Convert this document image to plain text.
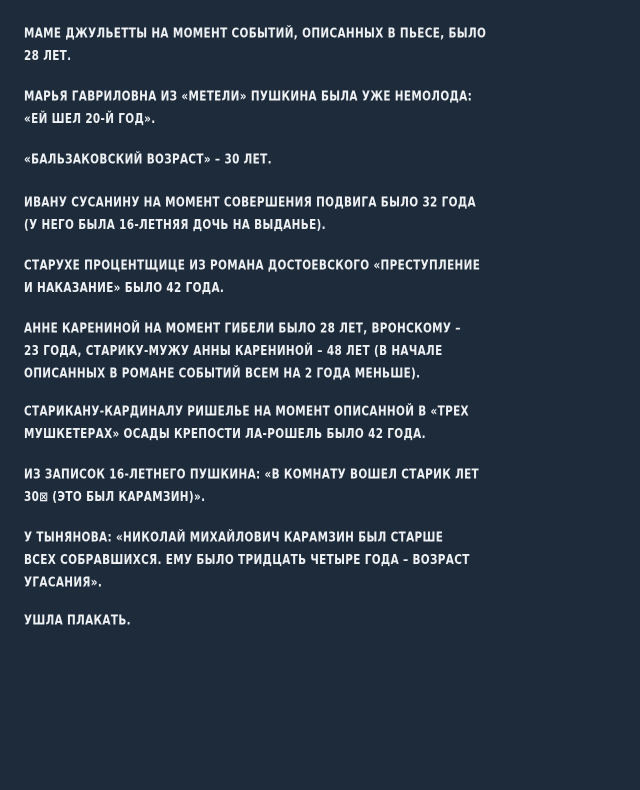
МАМЕ ДЖУЛЬЕТТЫ НА МОМЕНТ СОБЫТИЙ, ОПИСАННЫХ В ПЬЕСЕ, БЫЛО
28 ЛЕТ.

МАРЬЯ ГАВРИЛОВНА ИЗ «МЕТЕЛИ» ПУШКИНА БЫЛА УЖЕ НЕМОЛОДА:
«ЕЙ ШЕЛ 20-Й ГОД».

«БАЛЬЗАКОВСКИЙ ВОЗРАСТ» – 30 ЛЕТ.

ИВАНУ СУСАНИНУ НА МОМЕНТ СОВЕРШЕНИЯ ПОДВИГА БЫЛО 32 ГОДА
(У НЕГО БЫЛА 16-ЛЕТНЯЯ ДОЧЬ НА ВЫДАНЬЕ).

СТАРУХЕ ПРОЦЕНТЩИЦЕ ИЗ РОМАНА ДОСТОЕВСКОГО «ПРЕСТУПЛЕНИЕ
И НАКАЗАНИЕ» БЫЛО 42 ГОДА.

АННЕ КАРЕНИНОЙ НА МОМЕНТ ГИБЕЛИ БЫЛО 28 ЛЕТ, ВРОНСКОМУ –
23 ГОДА, СТАРИКУ-МУЖУ АННЫ КАРЕНИНОЙ – 48 ЛЕТ (В НАЧАЛЕ
ОПИСАННЫХ В РОМАНЕ СОБЫТИЙ ВСЕМ НА 2 ГОДА МЕНЬШЕ).

СТАРИКАНУ-КАРДИНАЛУ РИШЕЛЬЕ НА МОМЕНТ ОПИСАННОЙ В «ТРЕХ
МУШКЕТЕРАХ» ОСАДЫ КРЕПОСТИ ЛА-РОШЕЛЬ БЫЛО 42 ГОДА.

ИЗ ЗАПИСОК 16-ЛЕТНЕГО ПУШКИНА: «В КОМНАТУ ВОШЕЛ СТАРИК ЛЕТ
30⊠ (ЭТО БЫЛ КАРАМЗИН)».

У ТЫНЯНОВА: «НИКОЛАЙ МИХАЙЛОВИЧ КАРАМЗИН БЫЛ СТАРШЕ
ВСЕХ СОБРАВШИХСЯ. ЕМУ БЫЛО ТРИДЦАТЬ ЧЕТЫРЕ ГОДА – ВОЗРАСТ
УГАСАНИЯ».

УШЛА ПЛАКАТЬ.
